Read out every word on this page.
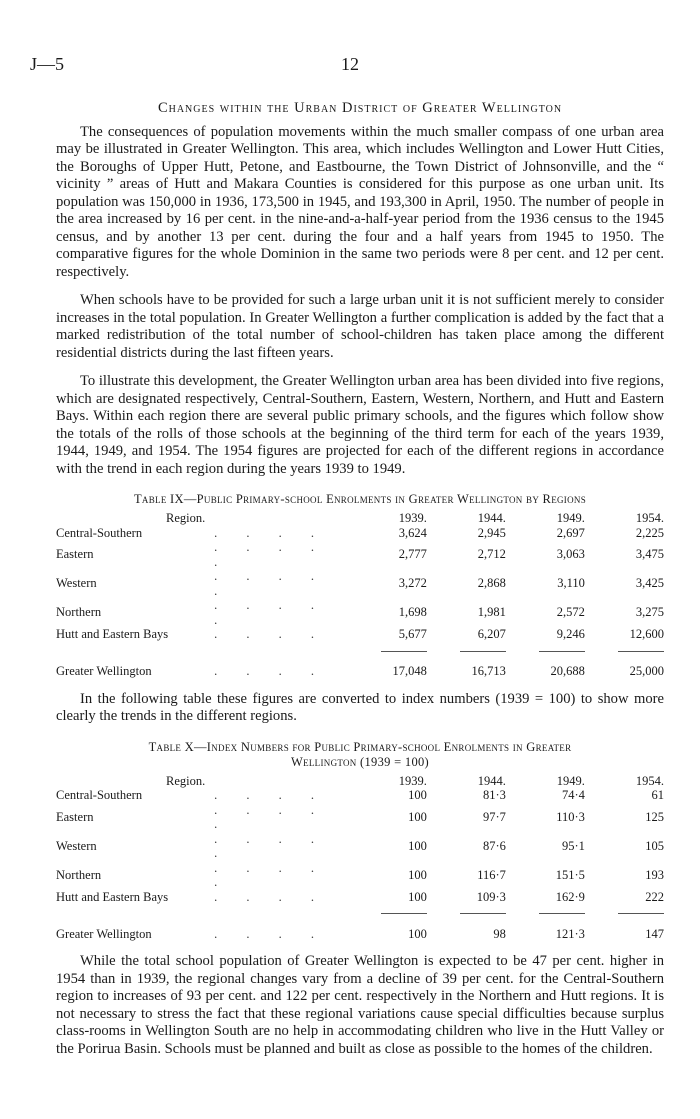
J—5	12
Changes within the Urban District of Greater Wellington

The consequences of population movements within the much smaller compass of one urban area may be illustrated in Greater Wellington. This area, which includes Wellington and Lower Hutt Cities, the Boroughs of Upper Hutt, Petone, and Eastbourne, the Town District of Johnsonville, and the “ vicinity ” areas of Hutt and Makara Counties is considered for this purpose as one urban unit. Its population was 150,000 in 1936, 173,500 in 1945, and 193,300 in April, 1950. The number of people in the area increased by 16 per cent. in the nine-and-a-half-year period from the 1936 census to the 1945 census, and by another 13 per cent. during the four and a half years from 1945 to 1950. The comparative figures for the whole Dominion in the same two periods were 8 per cent. and 12 per cent. respectively.

When schools have to be provided for such a large urban unit it is not sufficient merely to consider increases in the total population. In Greater Wellington a further complication is added by the fact that a marked redistribution of the total number of school-children has taken place among the different residential districts during the last fifteen years.

To illustrate this development, the Greater Wellington urban area has been divided into five regions, which are designated respectively, Central-Southern, Eastern, Western, Northern, and Hutt and Eastern Bays. Within each region there are several public primary schools, and the figures which follow show the totals of the rolls of those schools at the beginning of the third term for each of the years 1939, 1944, 1949, and 1954. The 1954 figures are projected for each of the different regions in accordance with the trend in each region during the years 1939 to 1949.

Table IX—Public Primary-school Enrolments in Greater Wellington by Regions
Region.		1939.	1944.	1949.	1954.
Central-Southern	. . . .	3,624	2,945	2,697	2,225
Eastern	. . . . .	2,777	2,712	3,063	3,475
Western	. . . . .	3,272	2,868	3,110	3,425
Northern	. . . . .	1,698	1,981	2,572	3,275
Hutt and Eastern Bays	. . . .	5,677	6,207	9,246	12,600

Greater Wellington	. . . .	17,048	16,713	20,688	25,000

In the following table these figures are converted to index numbers (1939 = 100) to show more clearly the trends in the different regions.

Table X—Index Numbers for Public Primary-school Enrolments in Greater
Wellington (1939 = 100)
Region.		1939.	1944.	1949.	1954.
Central-Southern	. . . .	100	81·3	74·4	61
Eastern	. . . . .	100	97·7	110·3	125
Western	. . . . .	100	87·6	95·1	105
Northern	. . . . .	100	116·7	151·5	193
Hutt and Eastern Bays	. . . .	100	109·3	162·9	222

Greater Wellington	. . . .	100	98	121·3	147

While the total school population of Greater Wellington is expected to be 47 per cent. higher in 1954 than in 1939, the regional changes vary from a decline of 39 per cent. for the Central-Southern region to increases of 93 per cent. and 122 per cent. respectively in the Northern and Hutt regions. It is not necessary to stress the fact that these regional variations cause special difficulties because surplus class-rooms in Wellington South are no help in accommodating children who live in the Hutt Valley or the Porirua Basin. Schools must be planned and built as close as possible to the homes of the children.
